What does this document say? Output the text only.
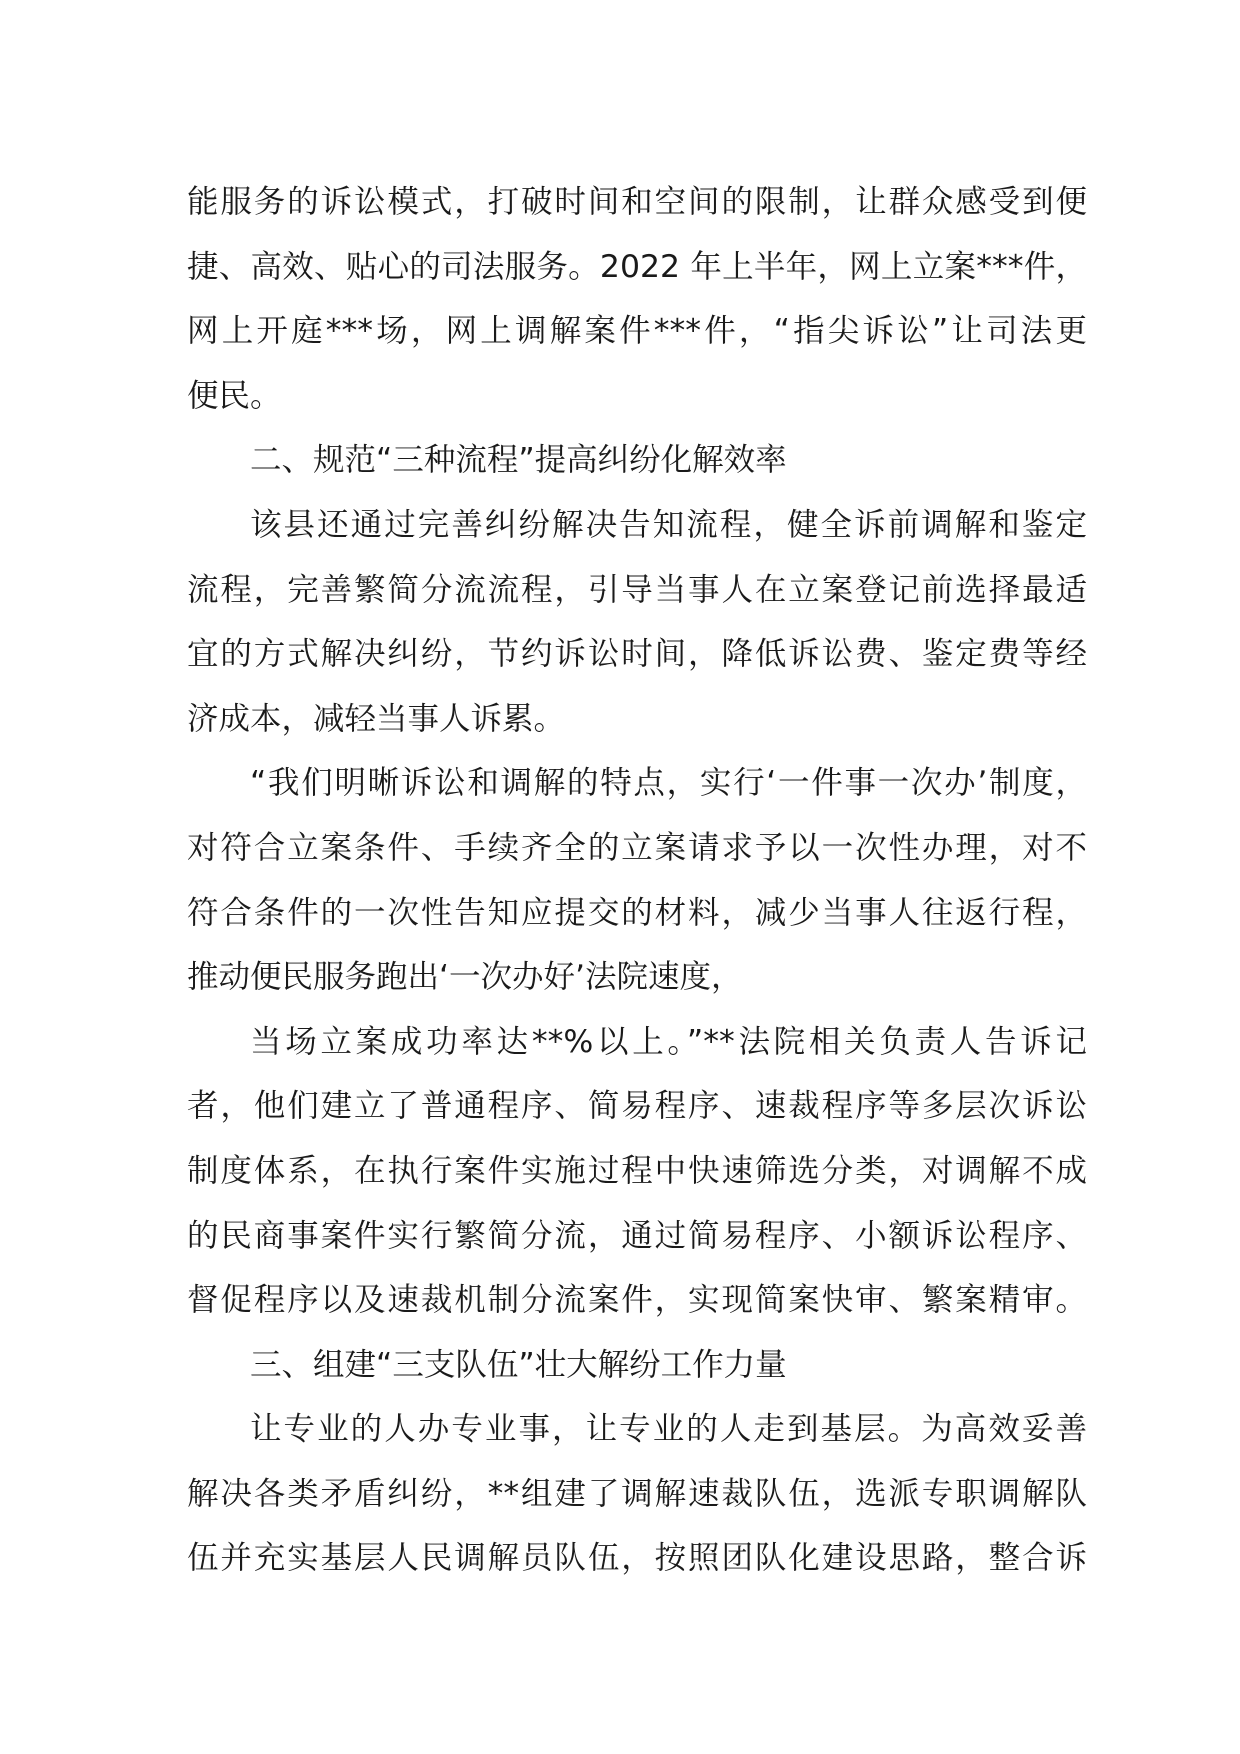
能服务的诉讼模式，打破时间和空间的限制，让群众感受到便
捷、高效、贴心的司法服务。2022 年上半年，网上立案***件，
网上开庭***场，网上调解案件***件，“指尖诉讼”让司法更
便民。
二、规范“三种流程”提高纠纷化解效率
该县还通过完善纠纷解决告知流程，健全诉前调解和鉴定
流程，完善繁简分流流程，引导当事人在立案登记前选择最适
宜的方式解决纠纷，节约诉讼时间，降低诉讼费、鉴定费等经
济成本，减轻当事人诉累。
“我们明晰诉讼和调解的特点，实行‘一件事一次办’制度，
对符合立案条件、手续齐全的立案请求予以一次性办理，对不
符合条件的一次性告知应提交的材料，减少当事人往返行程，
推动便民服务跑出‘一次办好’法院速度，
当场立案成功率达**%以上。”**法院相关负责人告诉记
者，他们建立了普通程序、简易程序、速裁程序等多层次诉讼
制度体系，在执行案件实施过程中快速筛选分类，对调解不成
的民商事案件实行繁简分流，通过简易程序、小额诉讼程序、
督促程序以及速裁机制分流案件，实现简案快审、繁案精审。
三、组建“三支队伍”壮大解纷工作力量
让专业的人办专业事，让专业的人走到基层。为高效妥善
解决各类矛盾纠纷，**组建了调解速裁队伍，选派专职调解队
伍并充实基层人民调解员队伍，按照团队化建设思路，整合诉
